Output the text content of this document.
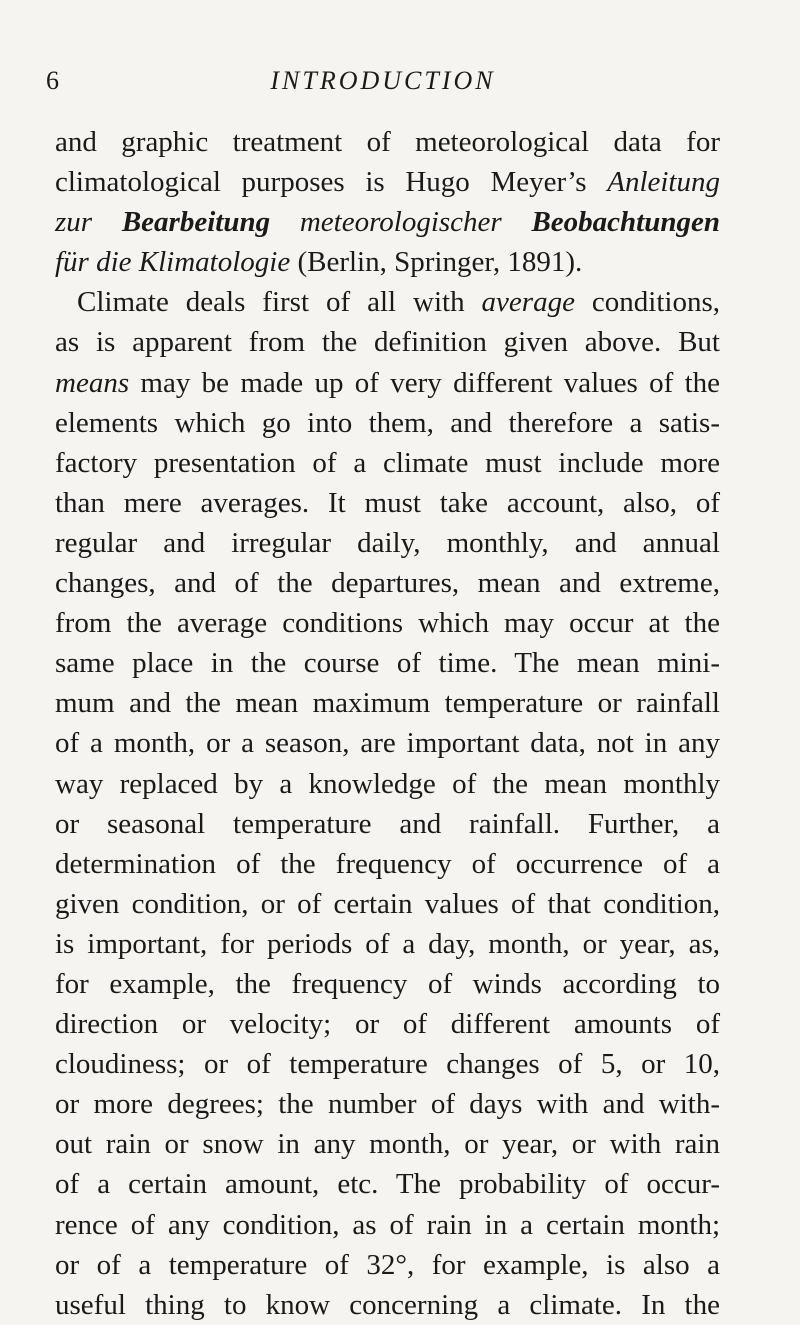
6	INTRODUCTION
and graphic treatment of meteorological data for
climatological purposes is Hugo Meyer’s Anleitung
zur Bearbeitung meteorologischer Beobachtungen
für die Klimatologie (Berlin, Springer, 1891).
Climate deals first of all with average conditions,
as is apparent from the definition given above. But
means may be made up of very different values of the
elements which go into them, and therefore a satis-
factory presentation of a climate must include more
than mere averages. It must take account, also, of
regular and irregular daily, monthly, and annual
changes, and of the departures, mean and extreme,
from the average conditions which may occur at the
same place in the course of time. The mean mini-
mum and the mean maximum temperature or rainfall
of a month, or a season, are important data, not in any
way replaced by a knowledge of the mean monthly
or seasonal temperature and rainfall. Further, a
determination of the frequency of occurrence of a
given condition, or of certain values of that condition,
is important, for periods of a day, month, or year, as,
for example, the frequency of winds according to
direction or velocity; or of different amounts of
cloudiness; or of temperature changes of 5, or 10,
or more degrees; the number of days with and with-
out rain or snow in any month, or year, or with rain
of a certain amount, etc. The probability of occur-
rence of any condition, as of rain in a certain month;
or of a temperature of 32°, for example, is also a
useful thing to know concerning a climate. In the
